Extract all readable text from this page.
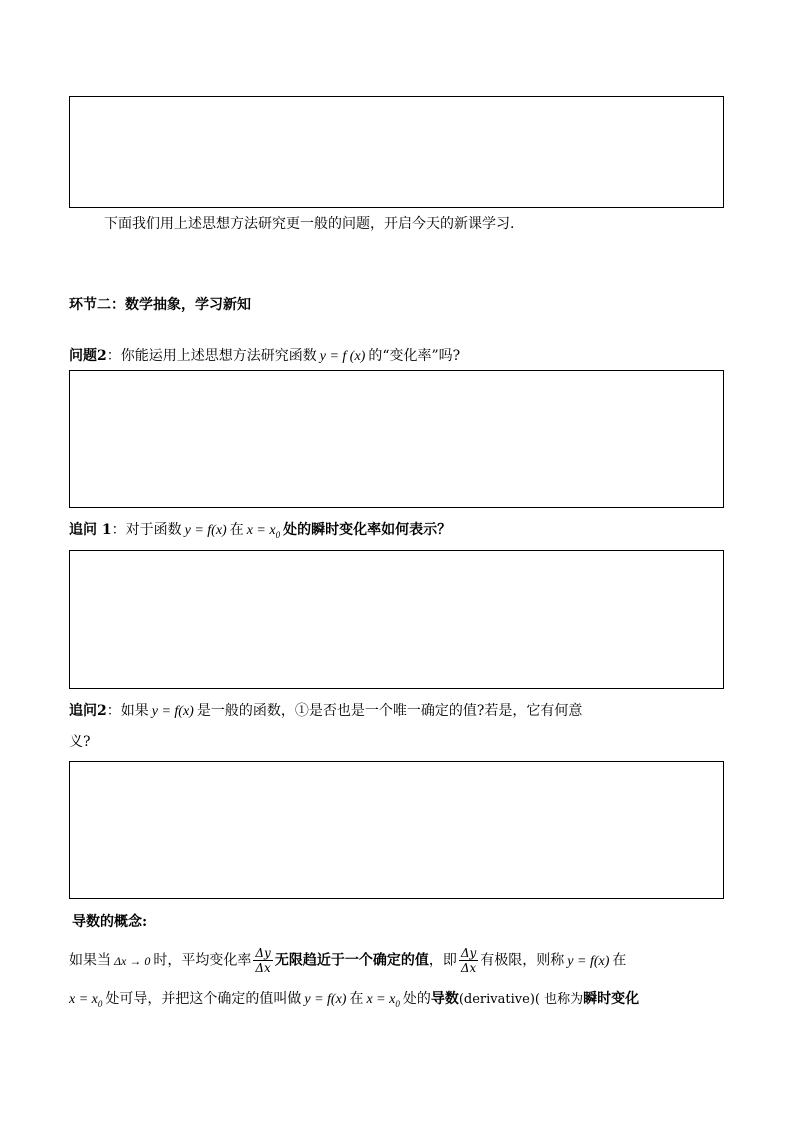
下面我们用上述思想方法研究更一般的问题，开启今天的新课学习.
环节二：数学抽象，学习新知
问题2：你能运用上述思想方法研究函数 y = f (x) 的“变化率”吗?
追问 1：对于函数 y = f(x) 在 $x = x_0$ 处的瞬时变化率如何表示？
追问2：如果 y = f(x) 是一般的函数，①是否也是一个唯一确定的值?若是，它有何意
义?
导数的概念:
如果当 Δx → 0 时，平均变化率 $\frac{\Delta y}{\Delta x}$ 无限趋近于一个确定的值，即 $\frac{\Delta y}{\Delta x}$ 有极限，则称 y = f(x) 在
$x = x_0$ 处可导，并把这个确定的值叫做 y = f(x) 在 $x = x_0$ 处的导数(derivative)( 也称为瞬时变化
